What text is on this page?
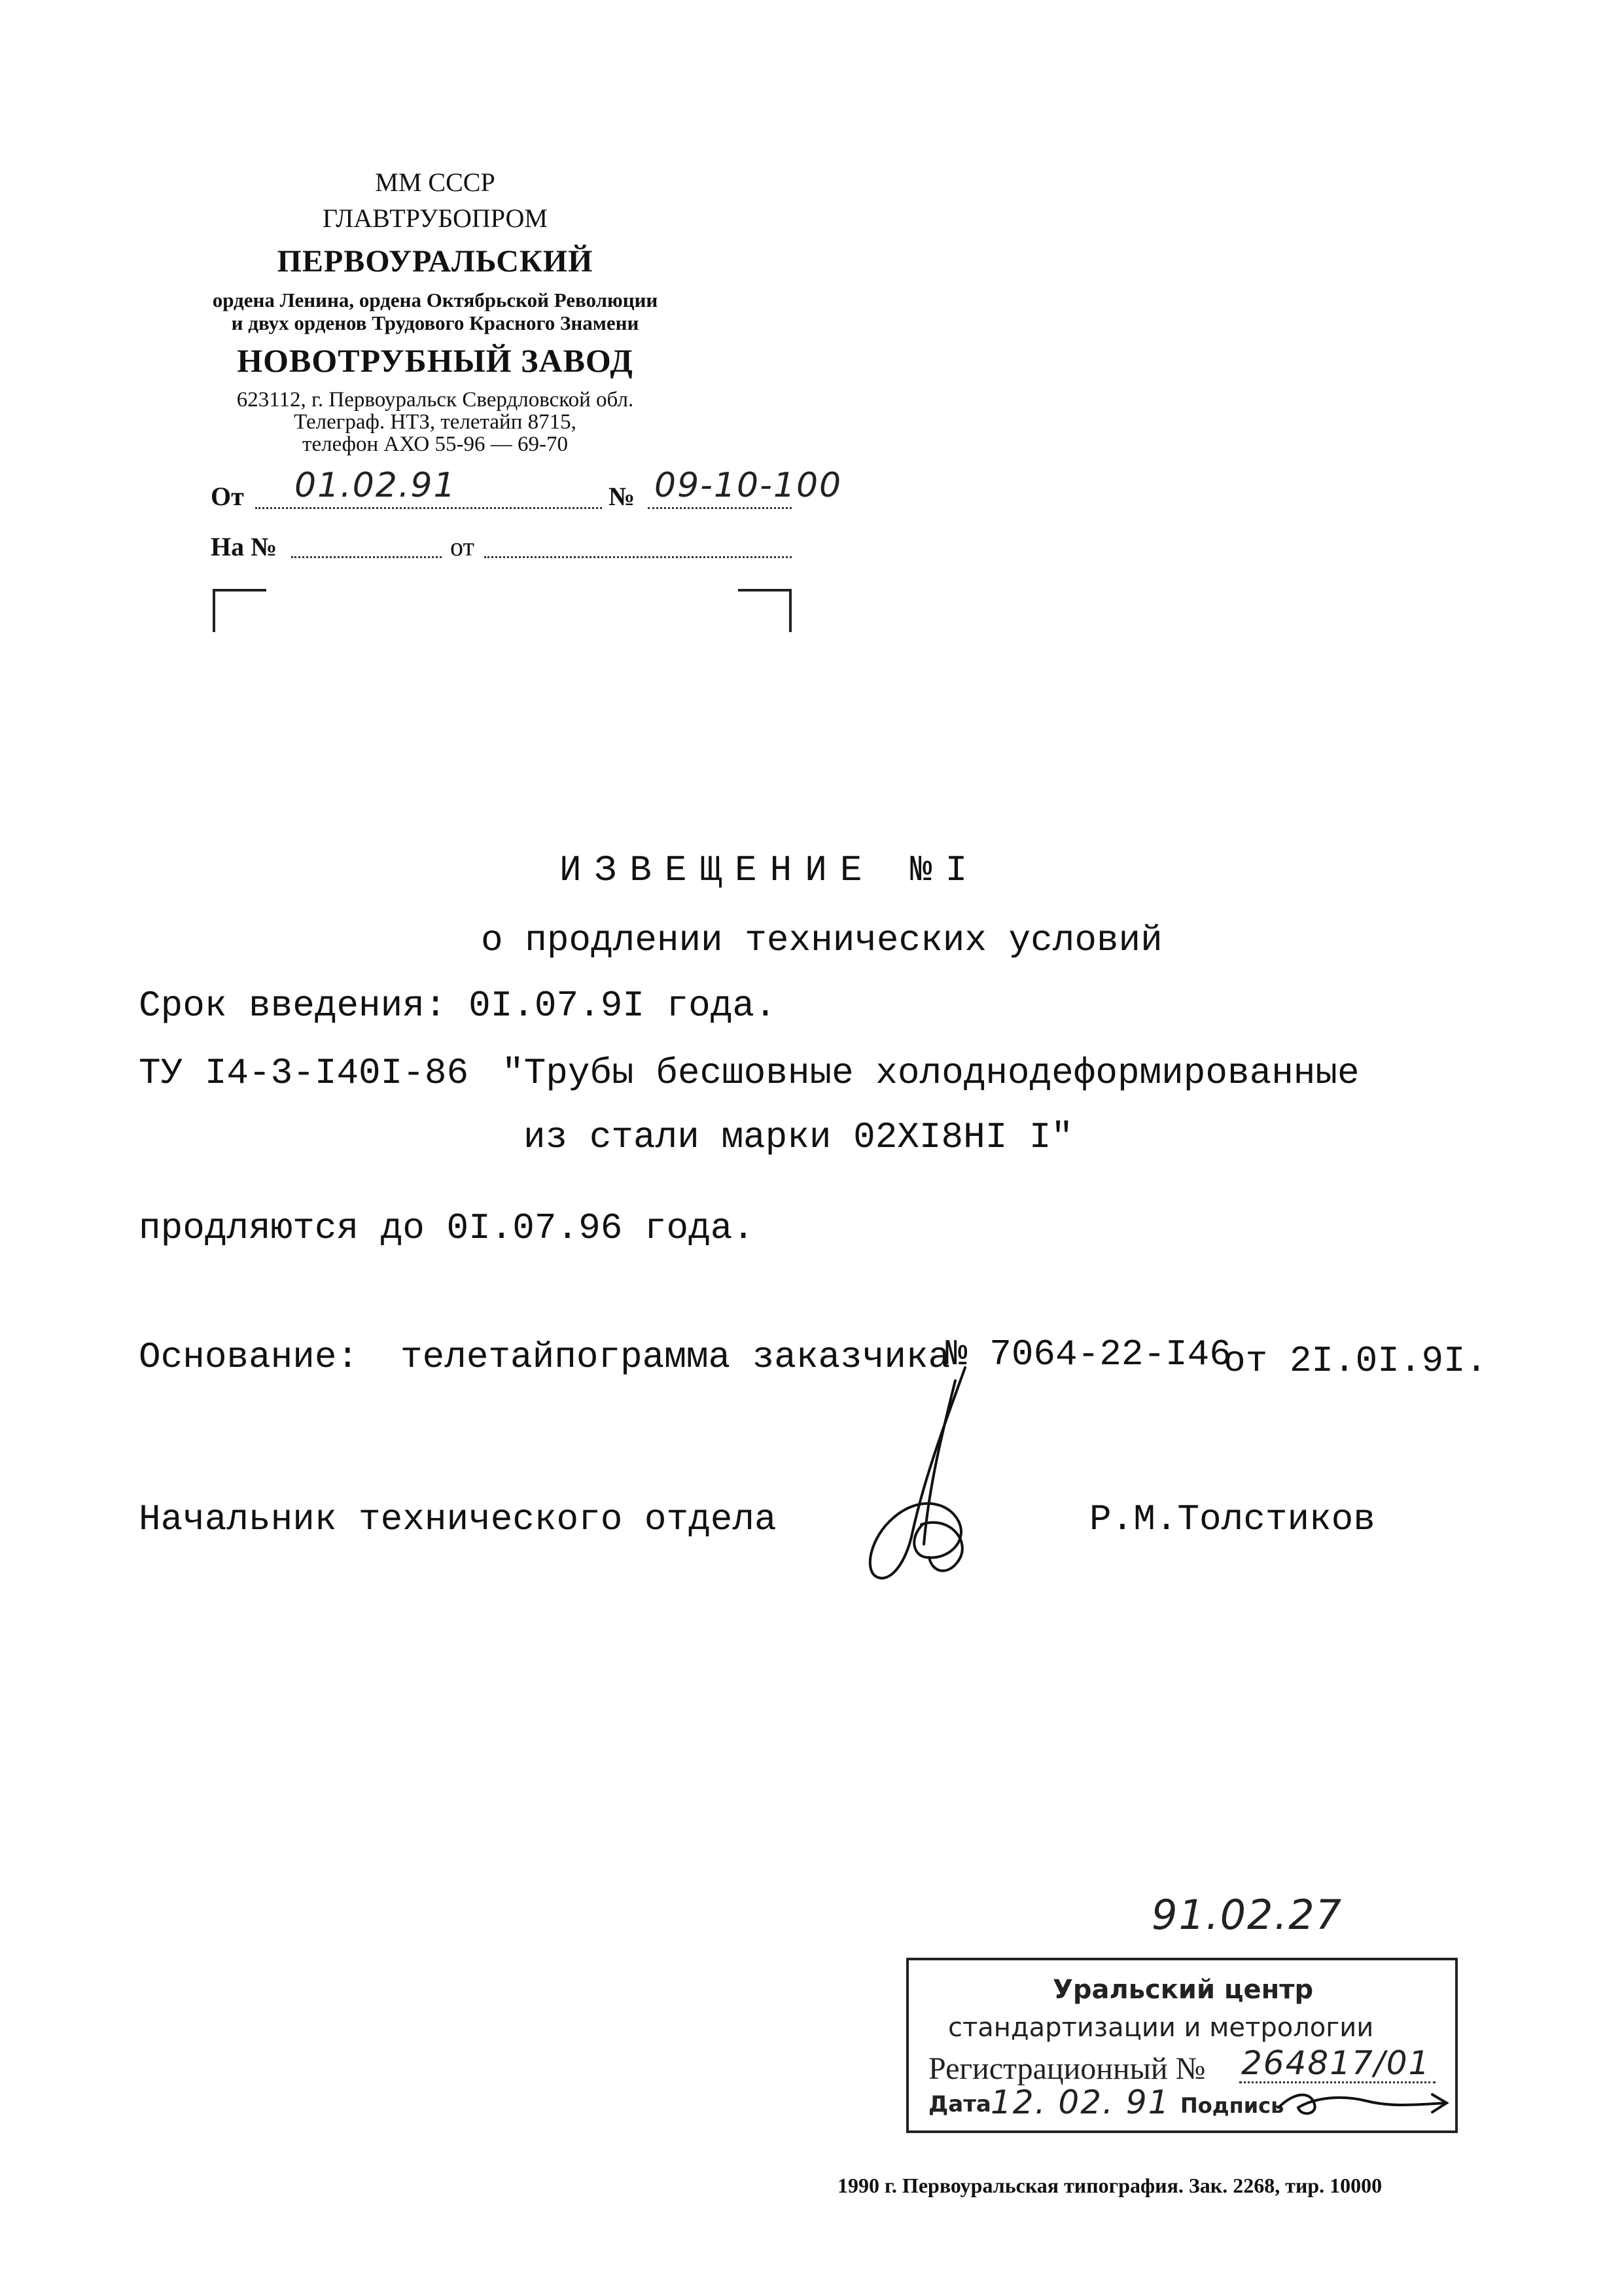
ММ СССР
ГЛАВТРУБОПРОМ
ПЕРВОУРАЛЬСКИЙ
ордена Ленина, ордена Октябрьской Революции
и двух орденов Трудового Красного Знамени
НОВОТРУБНЫЙ ЗАВОД
623112, г. Первоуральск Свердловской обл.
Телеграф. НТЗ, телетайп 8715,
телефон АХО 55-96 — 69-70
От 01.02.91	№ 09-10-100
На №	от
ИЗВЕЩЕНИЕ №I
о продлении технических условий
Срок введения: 0I.07.9I года.
ТУ I4-3-I40I-86 "Трубы бесшовные холоднодеформированные
из стали марки 02ХI8НI I"
продляются до 0I.07.96 года.
Основание: телетайпограмма заказчика
№ 7064-22-I46
от 2I.0I.9I.
Начальник технического отдела	Р.М.Толстиков
91.02.27
Уральский центр
стандартизации и метрологии
Регистрационный № 264817/01
Дата 12. 02. 91 Подпись
1990 г. Первоуральская типография. Зак. 2268, тир. 10000
